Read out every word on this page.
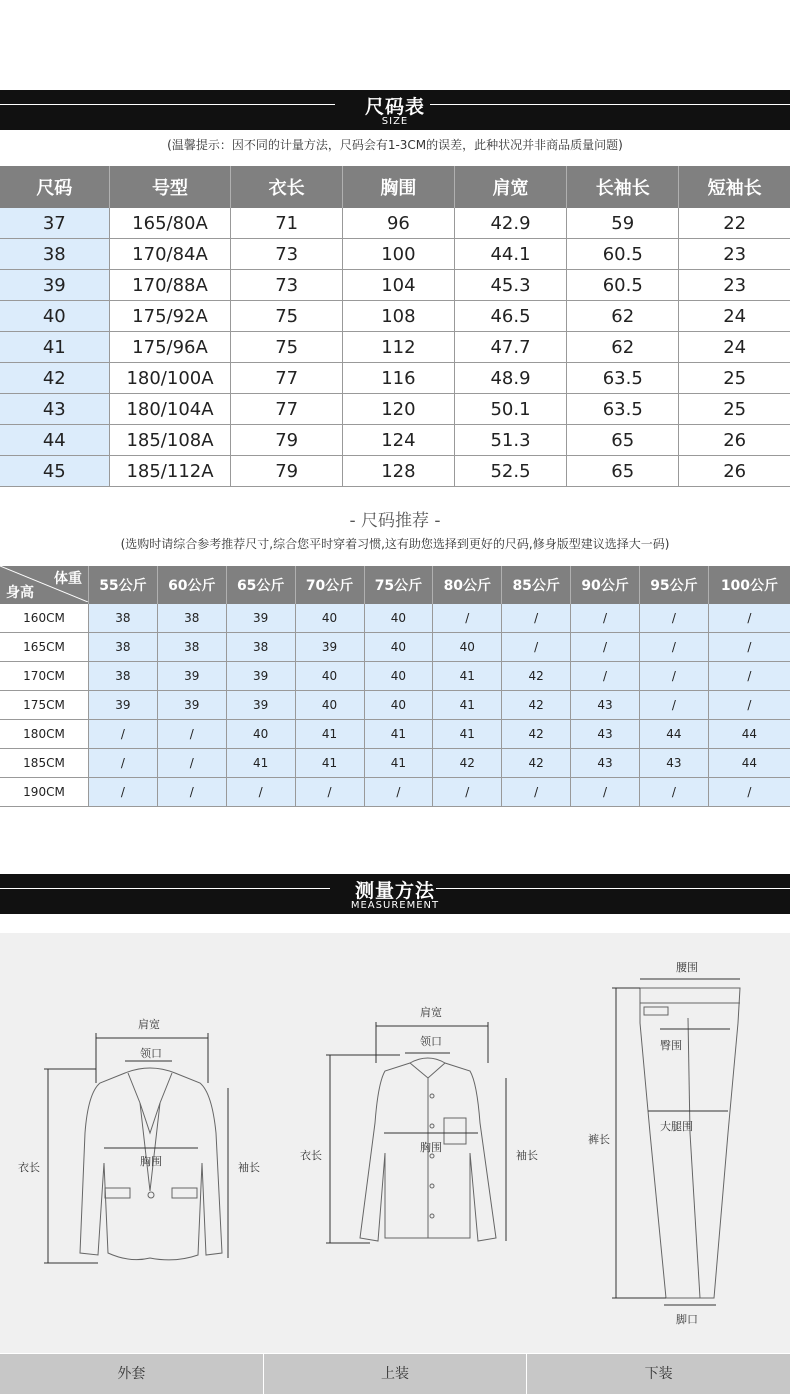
尺码表
SIZE
(温馨提示：因不同的计量方法，尺码会有1-3CM的误差，此种状况并非商品质量问题)
尺码	号型	衣长	胸围	肩宽	长袖长	短袖长
37	165/80A	71	96	42.9	59	22
38	170/84A	73	100	44.1	60.5	23
39	170/88A	73	104	45.3	60.5	23
40	175/92A	75	108	46.5	62	24
41	175/96A	75	112	47.7	62	24
42	180/100A	77	116	48.9	63.5	25
43	180/104A	77	120	50.1	63.5	25
44	185/108A	79	124	51.3	65	26
45	185/112A	79	128	52.5	65	26
- 尺码推荐 -
(选购时请综合参考推荐尺寸,综合您平时穿着习惯,这有助您选择到更好的尺码,修身版型建议选择大一码)
体重
身高	55公斤	60公斤	65公斤	70公斤	75公斤	80公斤	85公斤	90公斤	95公斤	100公斤
160CM	38	38	39	40	40	/	/	/	/	/
165CM	38	38	38	39	40	40	/	/	/	/
170CM	38	39	39	40	40	41	42	/	/	/
175CM	39	39	39	40	40	41	42	43	/	/
180CM	/	/	40	41	41	41	42	43	44	44
185CM	/	/	41	41	41	42	42	43	43	44
190CM	/	/	/	/	/	/	/	/	/	/
测量方法
MEASUREMENT
肩宽
领口
胸围
衣长	袖长
肩宽
领口
胸围
衣长	袖长
腰围
臀围
大腿围
裤长
脚口
外套	上装	下装
